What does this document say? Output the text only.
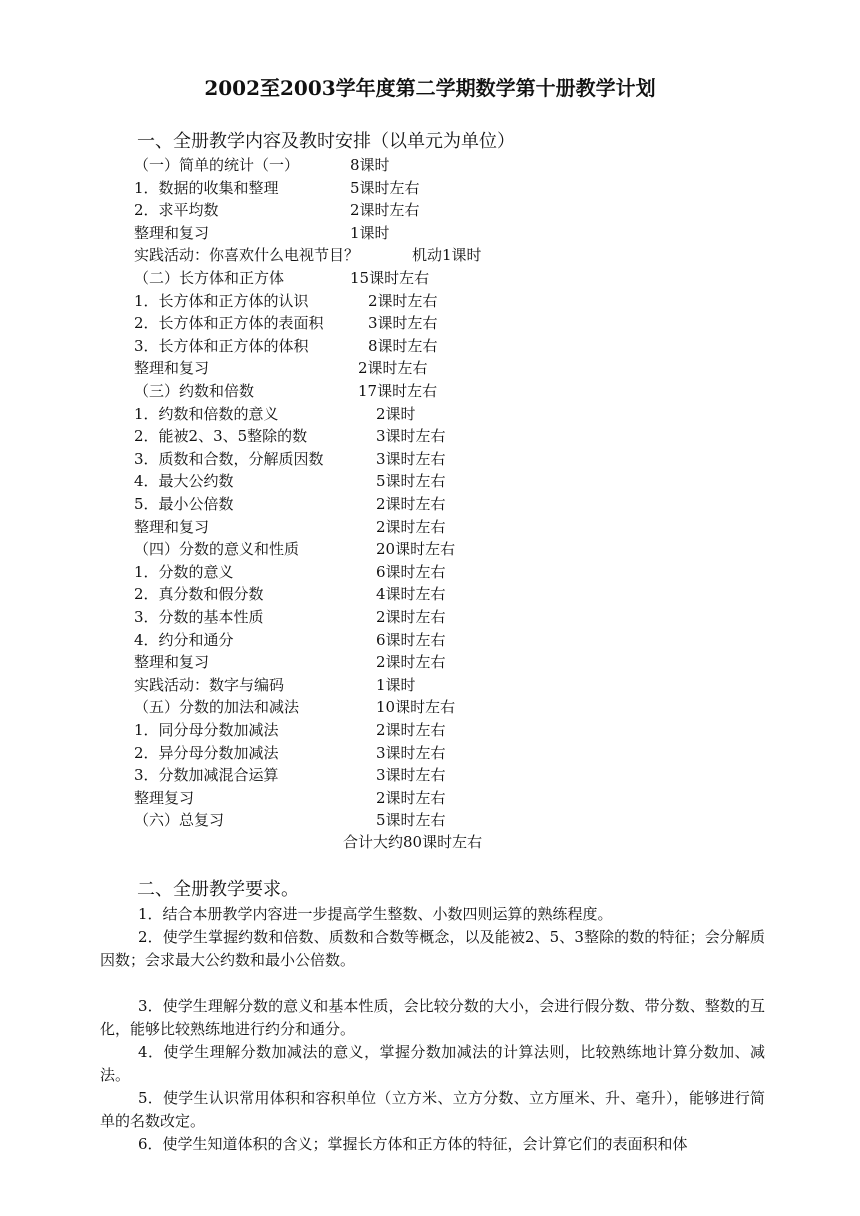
2002至2003学年度第二学期数学第十册教学计划
一、全册教学内容及教时安排（以单元为单位）
（一）简单的统计（一）	8课时
1．数据的收集和整理	5课时左右
2．求平均数	2课时左右
整理和复习	1课时
实践活动：你喜欢什么电视节目？	机动1课时
（二）长方体和正方体	15课时左右
1．长方体和正方体的认识	2课时左右
2．长方体和正方体的表面积	3课时左右
3．长方体和正方体的体积	8课时左右
整理和复习	2课时左右
（三）约数和倍数	17课时左右
1．约数和倍数的意义	2课时
2．能被2、3、5整除的数	3课时左右
3．质数和合数，分解质因数	3课时左右
4．最大公约数	5课时左右
5．最小公倍数	2课时左右
整理和复习	2课时左右
（四）分数的意义和性质	20课时左右
1．分数的意义	6课时左右
2．真分数和假分数	4课时左右
3．分数的基本性质	2课时左右
4．约分和通分	6课时左右
整理和复习	2课时左右
实践活动：数字与编码	1课时
（五）分数的加法和减法	10课时左右
1．同分母分数加减法	2课时左右
2．异分母分数加减法	3课时左右
3．分数加减混合运算	3课时左右
整理复习	2课时左右
（六）总复习	5课时左右
合计大约80课时左右
二、全册教学要求。
1．结合本册教学内容进一步提高学生整数、小数四则运算的熟练程度。
2．使学生掌握约数和倍数、质数和合数等概念，以及能被2、5、3整除的数的特征；会分解质因数；会求最大公约数和最小公倍数。
3．使学生理解分数的意义和基本性质，会比较分数的大小，会进行假分数、带分数、整数的互化，能够比较熟练地进行约分和通分。
4．使学生理解分数加减法的意义，掌握分数加减法的计算法则，比较熟练地计算分数加、减法。
5．使学生认识常用体积和容积单位（立方米、立方分数、立方厘米、升、毫升），能够进行简单的名数改定。
6．使学生知道体积的含义；掌握长方体和正方体的特征，会计算它们的表面积和体
